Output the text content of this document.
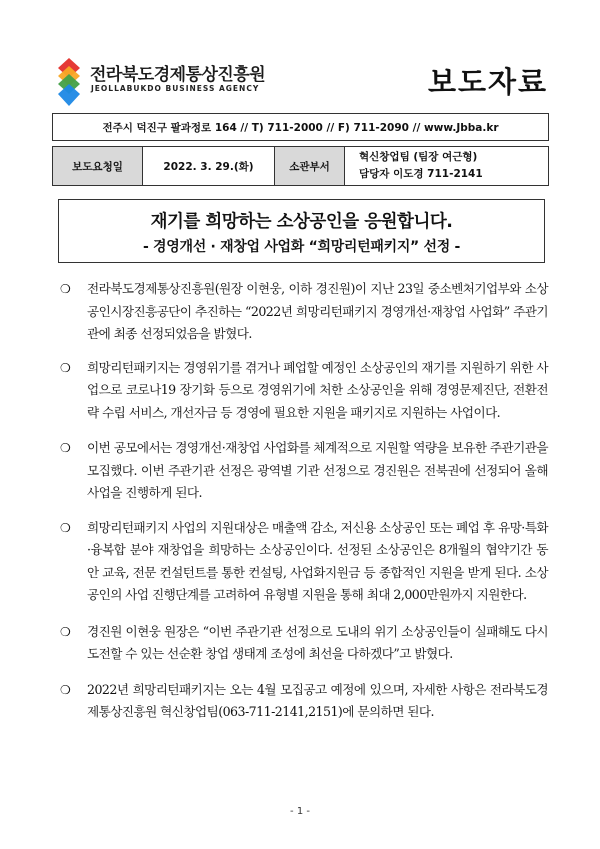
전라북도경제통상진흥원
JEOLLABUKDO BUSINESS AGENCY	보도자료
전주시 덕진구 팔과정로 164 // T) 711-2000 // F) 711-2090 // www.Jbba.kr
보도요청일	2022. 3. 29.(화)	소관부서
혁신창업팀 (팀장 여근형)
담당자 이도경 711-2141
재기를 희망하는 소상공인을 응원합니다.
- 경영개선 · 재창업 사업화 “희망리턴패키지” 선정 -
❍ 전라북도경제통상진흥원(원장 이현웅, 이하 경진원)이 지난 23일 중소벤처기업부와 소상공인시장진흥공단이 추진하는 “2022년 희망리턴패키지 경영개선·재창업 사업화” 주관기관에 최종 선정되었음을 밝혔다.
❍ 희망리턴패키지는 경영위기를 겪거나 폐업할 예정인 소상공인의 재기를 지원하기 위한 사업으로 코로나19 장기화 등으로 경영위기에 처한 소상공인을 위해 경영문제진단, 전환전략 수립 서비스, 개선자금 등 경영에 필요한 지원을 패키지로 지원하는 사업이다.
❍ 이번 공모에서는 경영개선·재창업 사업화를 체계적으로 지원할 역량을 보유한 주관기관을 모집했다. 이번 주관기관 선정은 광역별 기관 선정으로 경진원은 전북권에 선정되어 올해 사업을 진행하게 된다.
❍ 희망리턴패키지 사업의 지원대상은 매출액 감소, 저신용 소상공인 또는 폐업 후 유망·특화·융복합 분야 재창업을 희망하는 소상공인이다. 선정된 소상공인은 8개월의 협약기간 동안 교육, 전문 컨설턴트를 통한 컨설팅, 사업화지원금 등 종합적인 지원을 받게 된다. 소상공인의 사업 진행단계를 고려하여 유형별 지원을 통해 최대 2,000만원까지 지원한다.
❍ 경진원 이현웅 원장은 “이번 주관기관 선정으로 도내의 위기 소상공인들이 실패해도 다시 도전할 수 있는 선순환 창업 생태계 조성에 최선을 다하겠다”고 밝혔다.
❍ 2022년 희망리턴패키지는 오는 4월 모집공고 예정에 있으며, 자세한 사항은 전라북도경제통상진흥원 혁신창업팀(063-711-2141,2151)에 문의하면 된다.
- 1 -
